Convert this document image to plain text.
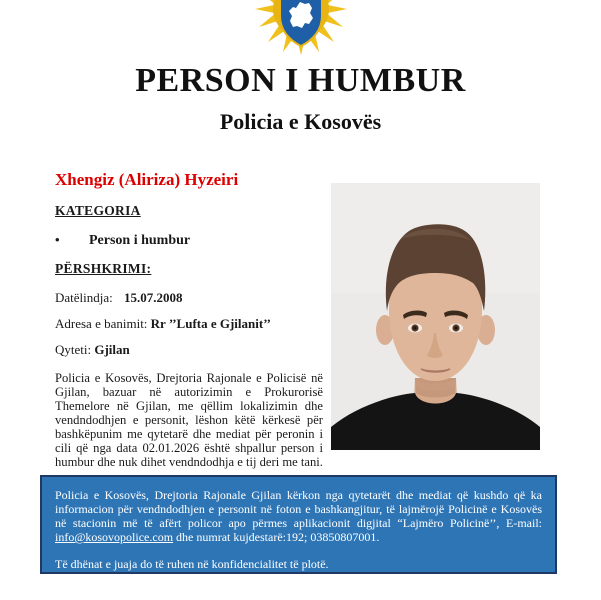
PERSON I HUMBUR
Policia e Kosovës
Xhengiz (Aliriza) Hyzeiri
KATEGORIA
•	Person i humbur
PËRSHKRIMI:
Datëlindja: 15.07.2008
Adresa e banimit: Rr ’’Lufta e Gjilanit’’
Qyteti: Gjilan
Policia e Kosovës, Drejtoria Rajonale e Policisë në Gjilan, bazuar në autorizimin e Prokurorisë Themelore në Gjilan, me qëllim lokalizimin dhe vendndodhjen e personit, lëshon këtë kërkesë për bashkëpunim me qytetarë dhe mediat për peronin i cili që nga data 02.01.2026 është shpallur person i humbur dhe nuk dihet vendndodhja e tij deri me tani.
Policia e Kosovës, Drejtoria Rajonale Gjilan kërkon nga qytetarët dhe mediat që kushdo që ka informacion për vendndodhjen e personit në foton e bashkangjitur, të lajmërojë Policinë e Kosovës në stacionin më të afërt policor apo përmes aplikacionit digjital “Lajmëro Policinë’’, E-mail: info@kosovopolice.com dhe numrat kujdestarë:192; 03850807001.
Të dhënat e juaja do të ruhen në konfidencialitet të plotë.
